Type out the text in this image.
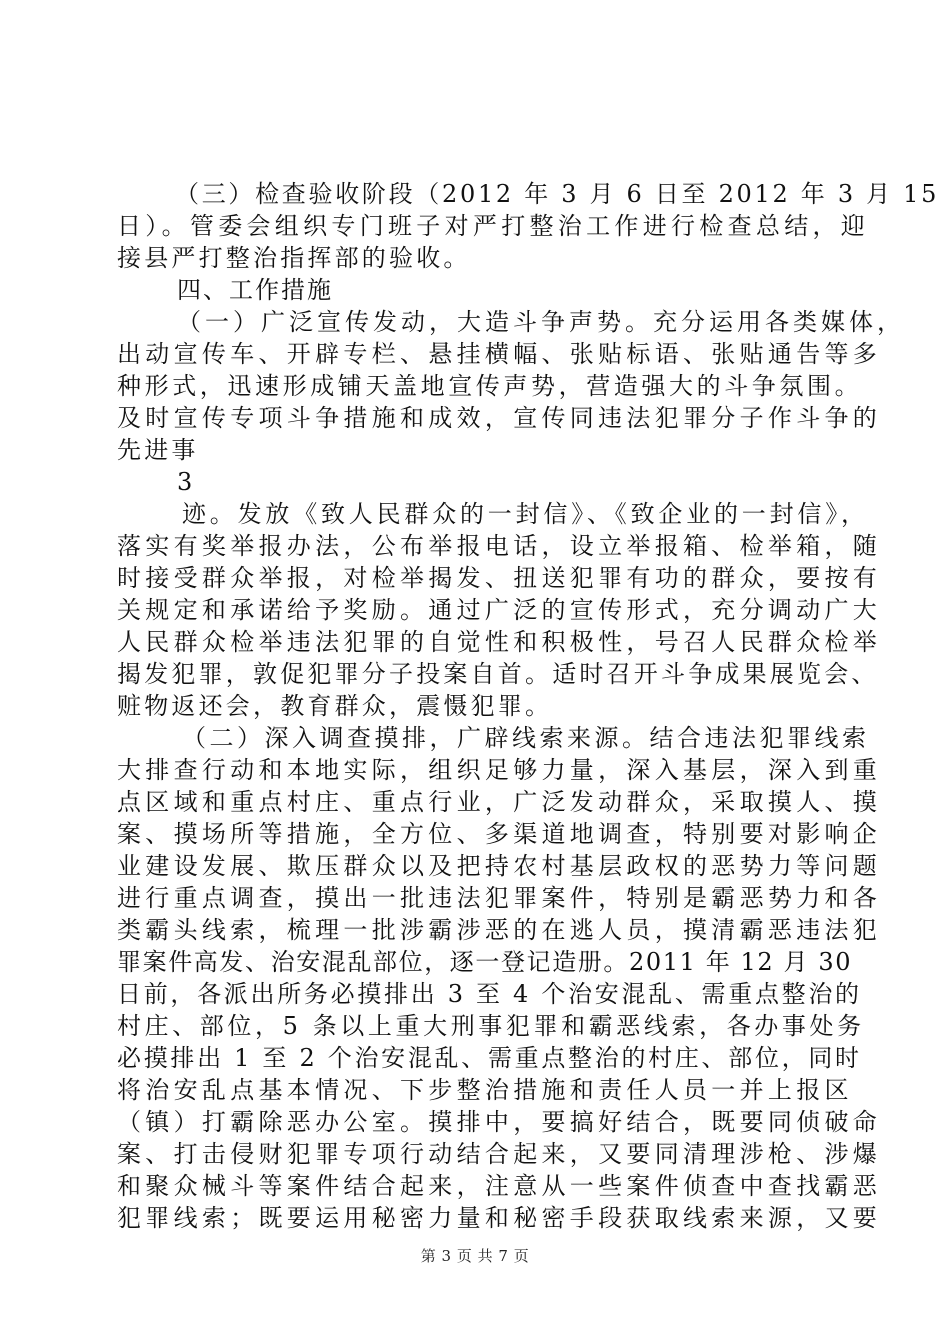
（三）检查验收阶段（2012 年 3 月 6 日至 2012 年 3 月 15
日）。管委会组织专门班子对严打整治工作进行检查总结，迎
接县严打整治指挥部的验收。
四、工作措施
（一）广泛宣传发动，大造斗争声势。充分运用各类媒体，
出动宣传车、开辟专栏、悬挂横幅、张贴标语、张贴通告等多
种形式，迅速形成铺天盖地宣传声势，营造强大的斗争氛围。
及时宣传专项斗争措施和成效，宣传同违法犯罪分子作斗争的
先进事
3
迹。发放《致人民群众的一封信》、《致企业的一封信》，
落实有奖举报办法，公布举报电话，设立举报箱、检举箱，随
时接受群众举报，对检举揭发、扭送犯罪有功的群众，要按有
关规定和承诺给予奖励。通过广泛的宣传形式，充分调动广大
人民群众检举违法犯罪的自觉性和积极性，号召人民群众检举
揭发犯罪，敦促犯罪分子投案自首。适时召开斗争成果展览会、
赃物返还会，教育群众，震慑犯罪。
（二）深入调查摸排，广辟线索来源。结合违法犯罪线索
大排查行动和本地实际，组织足够力量，深入基层，深入到重
点区域和重点村庄、重点行业，广泛发动群众，采取摸人、摸
案、摸场所等措施，全方位、多渠道地调查，特别要对影响企
业建设发展、欺压群众以及把持农村基层政权的恶势力等问题
进行重点调查，摸出一批违法犯罪案件，特别是霸恶势力和各
类霸头线索，梳理一批涉霸涉恶的在逃人员，摸清霸恶违法犯
罪案件高发、治安混乱部位，逐一登记造册。2011 年 12 月 30
日前，各派出所务必摸排出 3 至 4 个治安混乱、需重点整治的
村庄、部位，5 条以上重大刑事犯罪和霸恶线索，各办事处务
必摸排出 1 至 2 个治安混乱、需重点整治的村庄、部位，同时
将治安乱点基本情况、下步整治措施和责任人员一并上报区
（镇）打霸除恶办公室。摸排中，要搞好结合，既要同侦破命
案、打击侵财犯罪专项行动结合起来，又要同清理涉枪、涉爆
和聚众械斗等案件结合起来，注意从一些案件侦查中查找霸恶
犯罪线索；既要运用秘密力量和秘密手段获取线索来源，又要
第 3 页 共 7 页
